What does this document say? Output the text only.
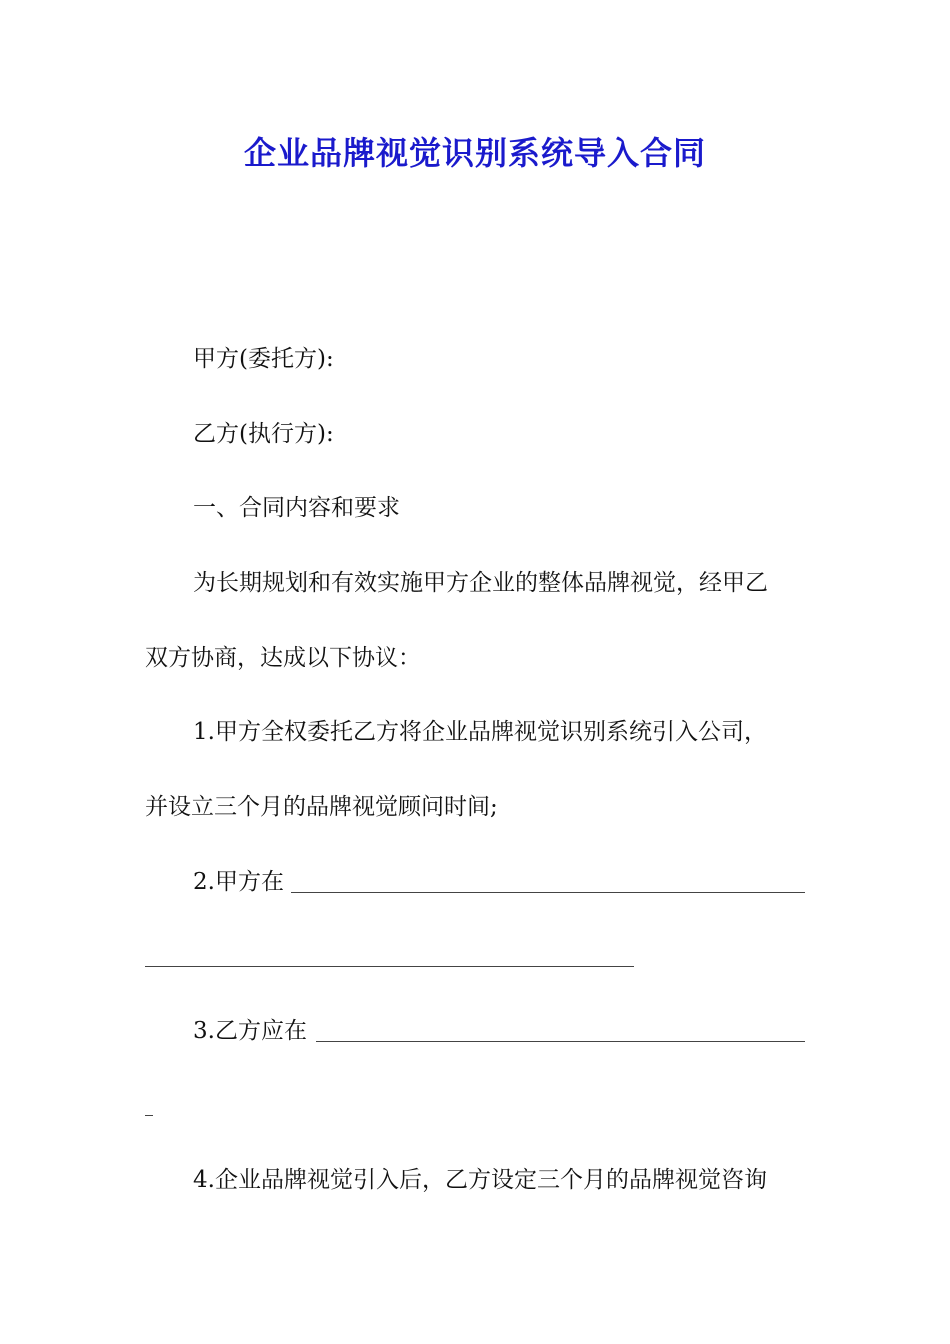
企业品牌视觉识别系统导入合同
甲方(委托方):
乙方(执行方):
一、合同内容和要求
为长期规划和有效实施甲方企业的整体品牌视觉，经甲乙
双方协商，达成以下协议：
1.甲方全权委托乙方将企业品牌视觉识别系统引入公司，
并设立三个月的品牌视觉顾问时间;
2.甲方在
3.乙方应在
4.企业品牌视觉引入后，乙方设定三个月的品牌视觉咨询
